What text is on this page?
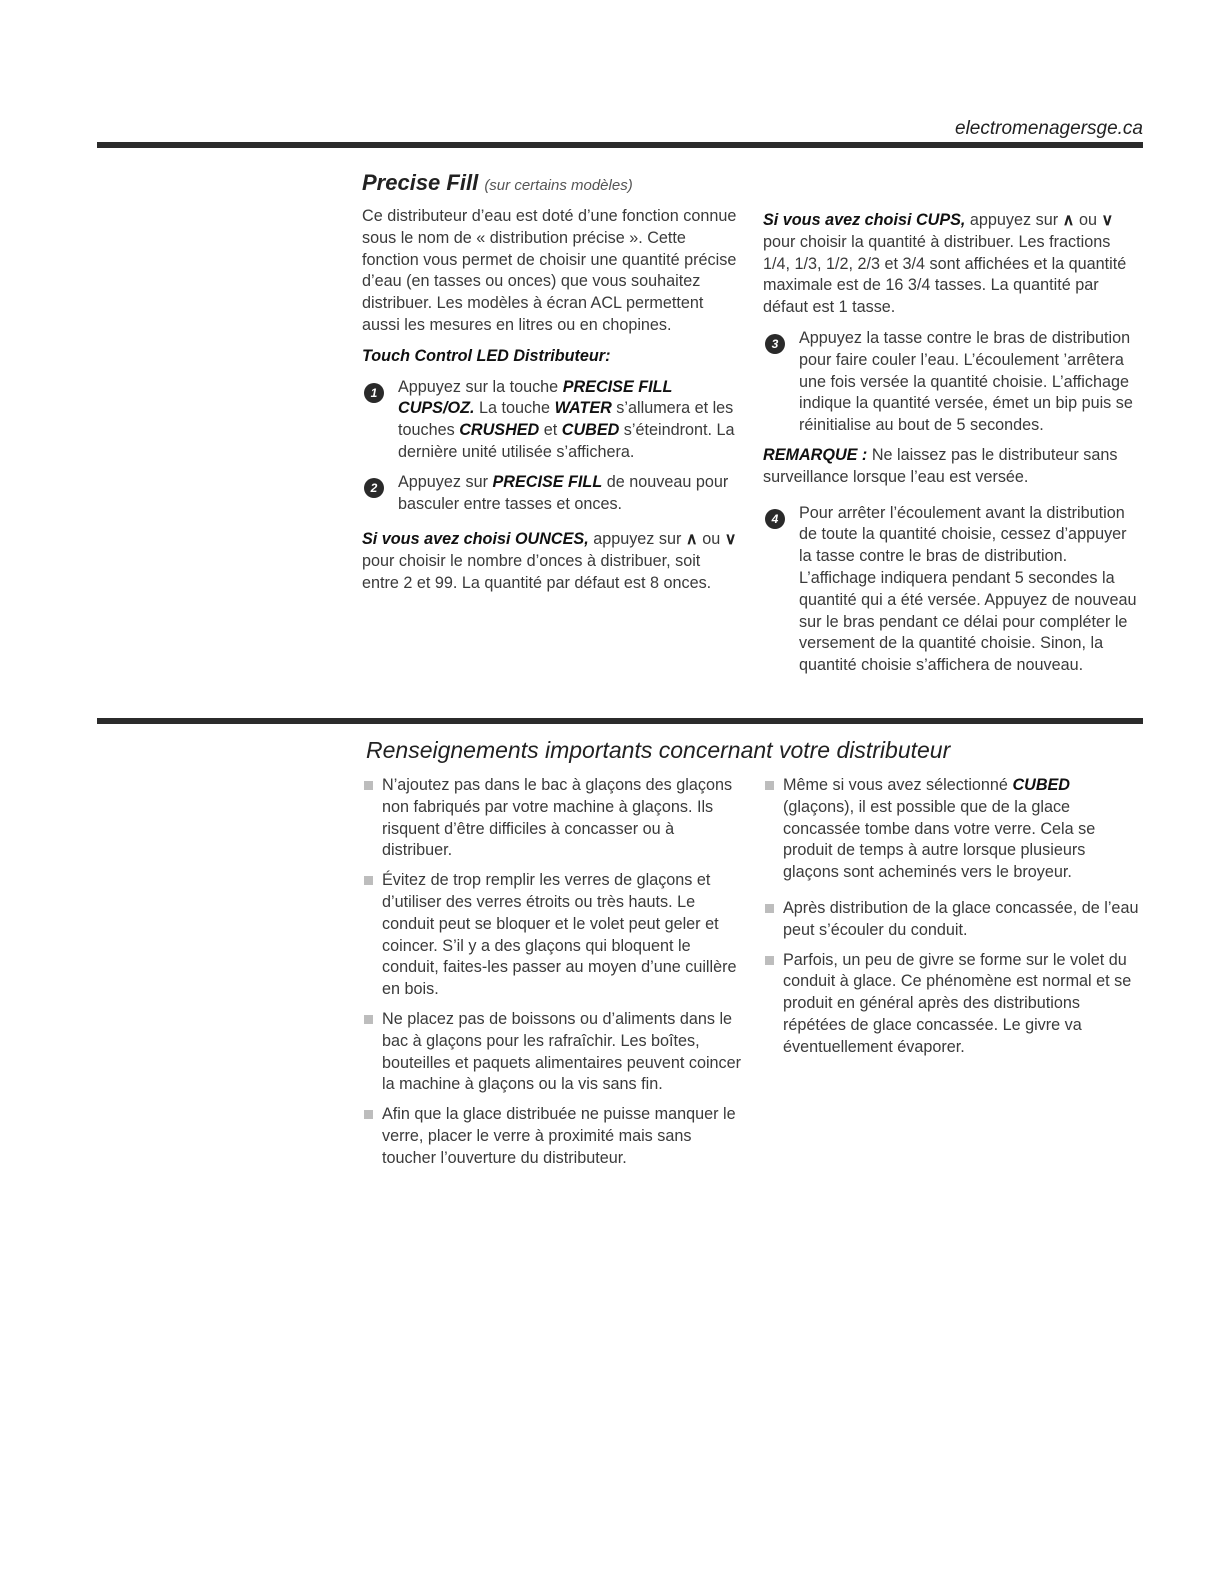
electromenagersge.ca
Precise Fill (sur certains modèles)

Ce distributeur d’eau est doté d’une fonction connue sous le nom de « distribution précise ». Cette fonction vous permet de choisir une quantité précise d’eau (en tasses ou onces) que vous souhaitez distribuer. Les modèles à écran ACL permettent aussi les mesures en litres ou en chopines.

Touch Control LED Distributeur:

1	Appuyez sur la touche PRECISE FILL CUPS/OZ. La touche WATER s’allumera et les touches CRUSHED et CUBED s’éteindront. La dernière unité utilisée s’affichera.
2	Appuyez sur PRECISE FILL de nouveau pour basculer entre tasses et onces.

Si vous avez choisi OUNCES, appuyez sur ∧ ou ∨ pour choisir le nombre d’onces à distribuer, soit entre 2 et 99. La quantité par défaut est 8 onces.

Si vous avez choisi CUPS, appuyez sur ∧ ou ∨ pour choisir la quantité à distribuer. Les fractions 1/4, 1/3, 1/2, 2/3 et 3/4 sont affichées et la quantité maximale est de 16 3/4 tasses. La quantité par défaut est 1 tasse.

3	Appuyez la tasse contre le bras de distribution pour faire couler l’eau. L’écoulement ’arrêtera une fois versée la quantité choisie. L’affichage indique la quantité versée, émet un bip puis se réinitialise au bout de 5 secondes.

REMARQUE : Ne laissez pas le distributeur sans surveillance lorsque l’eau est versée.

4	Pour arrêter l’écoulement avant la distribution de toute la quantité choisie, cessez d’appuyer la tasse contre le bras de distribution. L’affichage indiquera pendant 5 secondes la quantité qui a été versée. Appuyez de nouveau sur le bras pendant ce délai pour compléter le versement de la quantité choisie. Sinon, la quantité choisie s’affichera de nouveau.
Renseignements importants concernant votre distributeur
N’ajoutez pas dans le bac à glaçons des glaçons non fabriqués par votre machine à glaçons. Ils risquent d’être difficiles à concasser ou à distribuer.
Évitez de trop remplir les verres de glaçons et d’utiliser des verres étroits ou très hauts. Le conduit peut se bloquer et le volet peut geler et coincer. S’il y a des glaçons qui bloquent le conduit, faites-les passer au moyen d’une cuillère en bois.
Ne placez pas de boissons ou d’aliments dans le bac à glaçons pour les rafraîchir. Les boîtes, bouteilles et paquets alimentaires peuvent coincer la machine à glaçons ou la vis sans fin.
Afin que la glace distribuée ne puisse manquer le verre, placer le verre à proximité mais sans toucher l’ouverture du distributeur.
Même si vous avez sélectionné CUBED (glaçons), il est possible que de la glace concassée tombe dans votre verre. Cela se produit de temps à autre lorsque plusieurs glaçons sont acheminés vers le broyeur.
Après distribution de la glace concassée, de l’eau peut s’écouler du conduit.
Parfois, un peu de givre se forme sur le volet du conduit à glace. Ce phénomène est normal et se produit en général après des distributions répétées de glace concassée. Le givre va éventuellement évaporer.
